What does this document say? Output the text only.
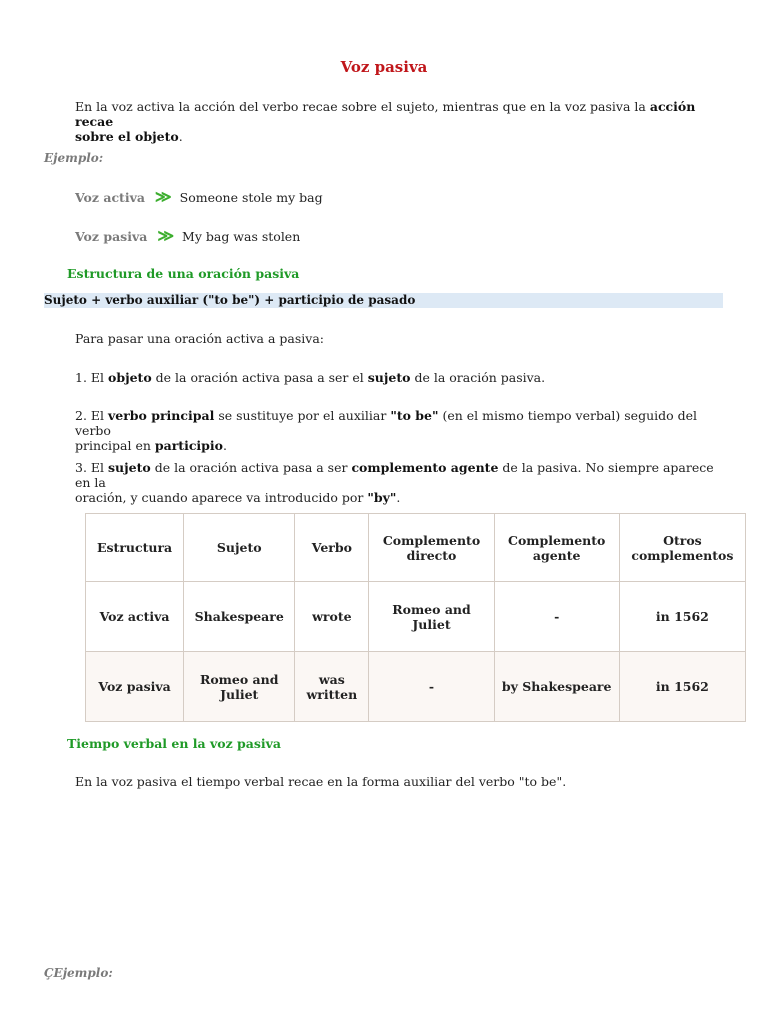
Voz pasiva
En la voz activa la acción del verbo recae sobre el sujeto, mientras que en la voz pasiva la acción recae
sobre el objeto.
Ejemplo:
Voz activa ≫ Someone stole my bag
Voz pasiva ≫ My bag was stolen
Estructura de una oración pasiva
Sujeto + verbo auxiliar ("to be") + participio de pasado
Para pasar una oración activa a pasiva:
1. El objeto de la oración activa pasa a ser el sujeto de la oración pasiva.
2. El verbo principal se sustituye por el auxiliar "to be" (en el mismo tiempo verbal) seguido del verbo
principal en participio.
3. El sujeto de la oración activa pasa a ser complemento agente de la pasiva. No siempre aparece en la
oración, y cuando aparece va introducido por "by".
Estructura	Sujeto	Verbo	Complemento directo	Complemento agente	Otros complementos
Voz activa	Shakespeare	wrote	Romeo and Juliet	-	in 1562
Voz pasiva	Romeo and Juliet	was written	-	by Shakespeare	in 1562
Tiempo verbal en la voz pasiva
En la voz pasiva el tiempo verbal recae en la forma auxiliar del verbo "to be".
ÇEjemplo:
